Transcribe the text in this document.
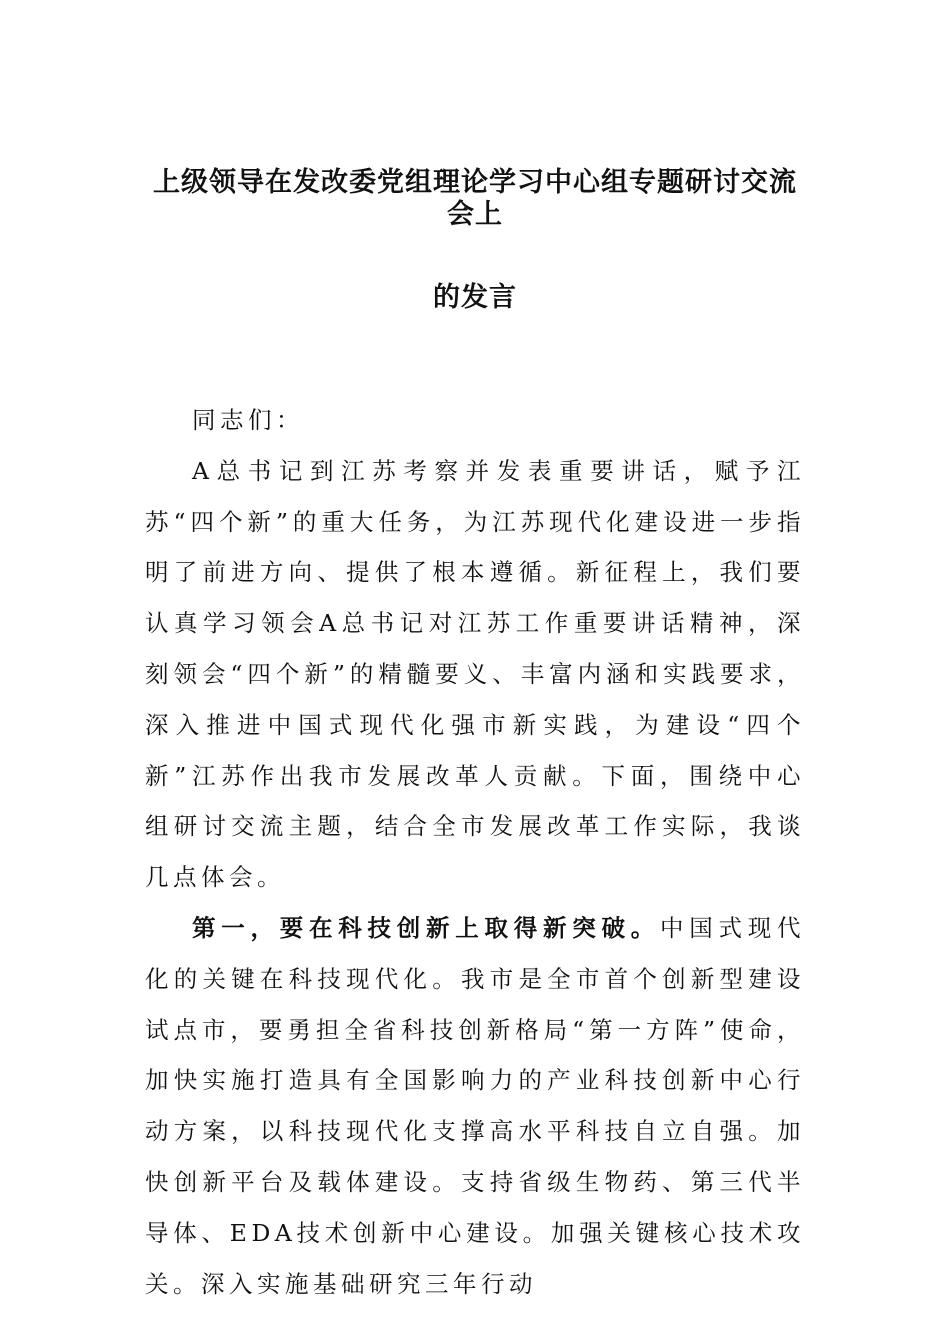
上级领导在发改委党组理论学习中心组专题研讨交流会上
的发言

同志们：

A总书记到江苏考察并发表重要讲话，赋予江苏“四个新”的重大任务，为江苏现代化建设进一步指明了前进方向、提供了根本遵循。新征程上，我们要认真学习领会A总书记对江苏工作重要讲话精神，深刻领会“四个新”的精髓要义、丰富内涵和实践要求，深入推进中国式现代化强市新实践，为建设“四个新”江苏作出我市发展改革人贡献。下面，围绕中心组研讨交流主题，结合全市发展改革工作实际，我谈几点体会。

第一，要在科技创新上取得新突破。中国式现代化的关键在科技现代化。我市是全市首个创新型建设试点市，要勇担全省科技创新格局“第一方阵”使命，加快实施打造具有全国影响力的产业科技创新中心行动方案，以科技现代化支撑高水平科技自立自强。加快创新平台及载体建设。支持省级生物药、第三代半导体、EDA技术创新中心建设。加强关键核心技术攻关。深入实施基础研究三年行动
